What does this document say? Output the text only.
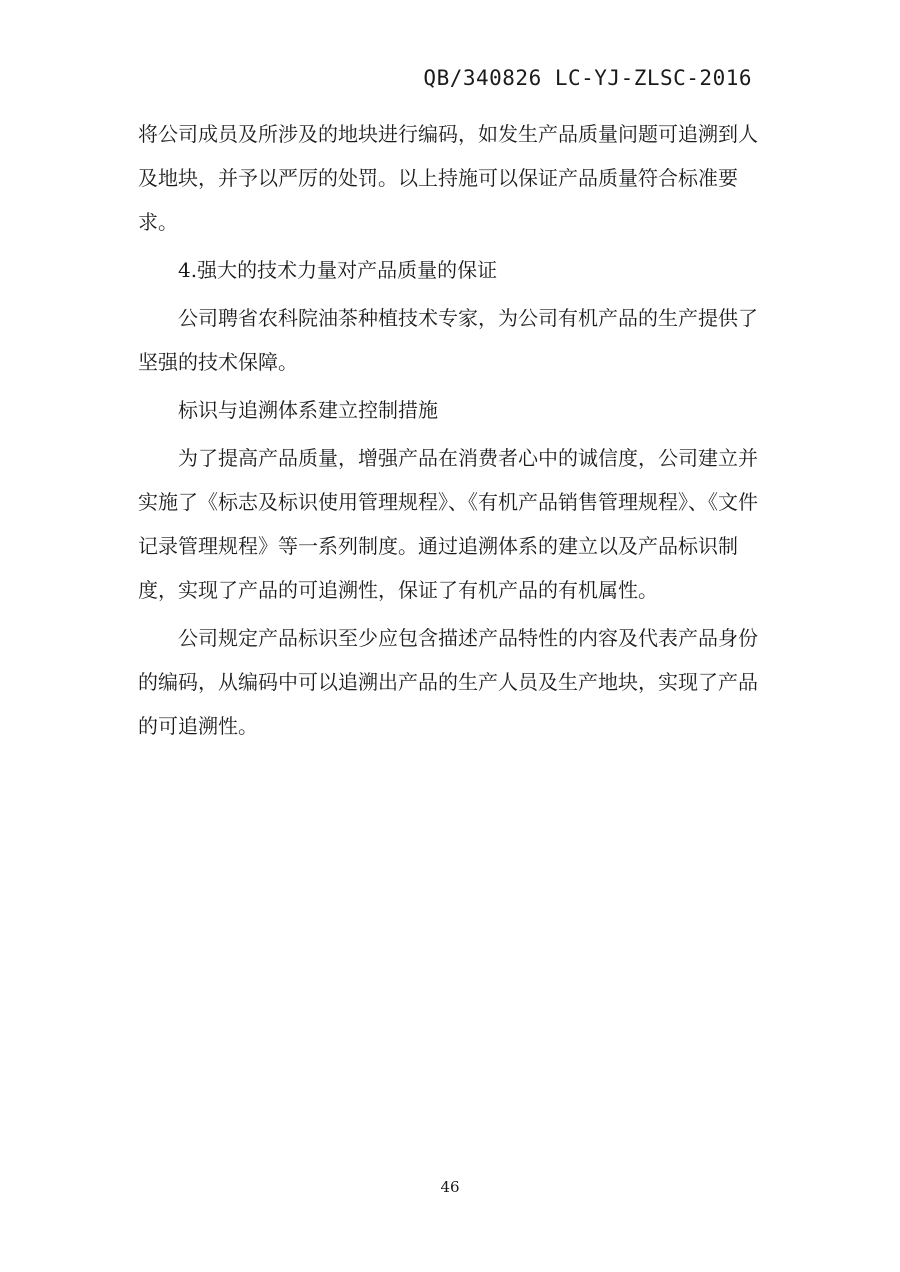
QB/340826 LC-YJ-ZLSC-2016

将公司成员及所涉及的地块进行编码，如发生产品质量问题可追溯到人及地块，并予以严厉的处罚。以上持施可以保证产品质量符合标准要求。

4.强大的技术力量对产品质量的保证

公司聘省农科院油茶种植技术专家，为公司有机产品的生产提供了坚强的技术保障。

标识与追溯体系建立控制措施

为了提高产品质量，增强产品在消费者心中的诚信度，公司建立并实施了《标志及标识使用管理规程》、《有机产品销售管理规程》、《文件记录管理规程》等一系列制度。通过追溯体系的建立以及产品标识制度，实现了产品的可追溯性，保证了有机产品的有机属性。

公司规定产品标识至少应包含描述产品特性的内容及代表产品身份的编码，从编码中可以追溯出产品的生产人员及生产地块，实现了产品的可追溯性。

46
